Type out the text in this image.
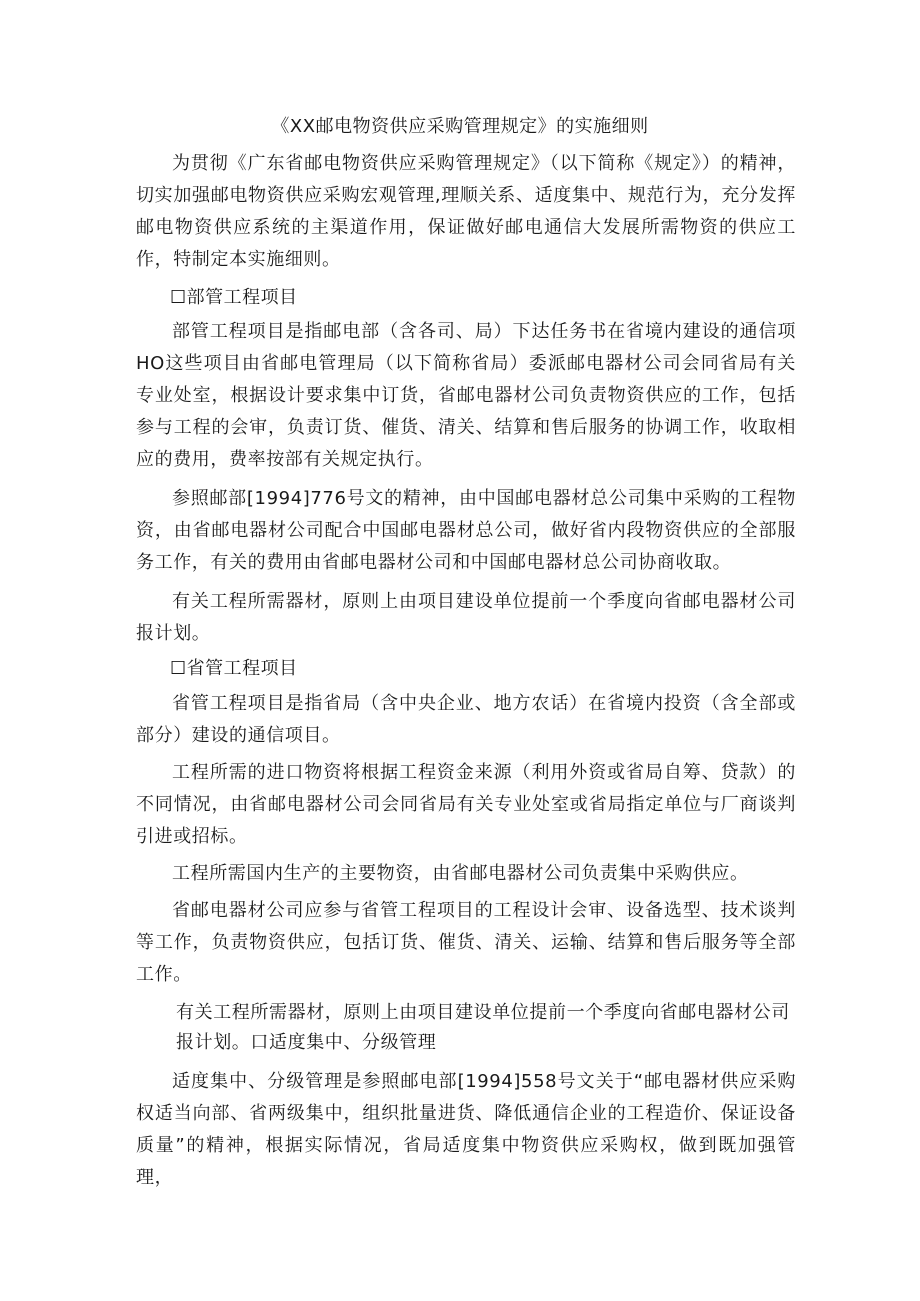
《XX邮电物资供应采购管理规定》的实施细则
为贯彻《广东省邮电物资供应采购管理规定》（以下简称《规定》）的精神，切实加强邮电物资供应采购宏观管理,理顺关系、适度集中、规范行为，充分发挥邮电物资供应系统的主渠道作用，保证做好邮电通信大发展所需物资的供应工作，特制定本实施细则。
☐部管工程项目
部管工程项目是指邮电部（含各司、局）下达任务书在省境内建设的通信项HO这些项目由省邮电管理局（以下简称省局）委派邮电器材公司会同省局有关专业处室，根据设计要求集中订货，省邮电器材公司负责物资供应的工作，包括参与工程的会审，负责订货、催货、清关、结算和售后服务的协调工作，收取相应的费用，费率按部有关规定执行。
参照邮部[1994]776号文的精神，由中国邮电器材总公司集中采购的工程物资，由省邮电器材公司配合中国邮电器材总公司，做好省内段物资供应的全部服务工作，有关的费用由省邮电器材公司和中国邮电器材总公司协商收取。
有关工程所需器材，原则上由项目建设单位提前一个季度向省邮电器材公司报计划。
☐省管工程项目
省管工程项目是指省局（含中央企业、地方农话）在省境内投资（含全部或部分）建设的通信项目。
工程所需的进口物资将根据工程资金来源（利用外资或省局自筹、贷款）的不同情况，由省邮电器材公司会同省局有关专业处室或省局指定单位与厂商谈判引进或招标。
工程所需国内生产的主要物资，由省邮电器材公司负责集中采购供应。
省邮电器材公司应参与省管工程项目的工程设计会审、设备选型、技术谈判等工作，负责物资供应，包括订货、催货、清关、运输、结算和售后服务等全部工作。
有关工程所需器材，原则上由项目建设单位提前一个季度向省邮电器材公司报计划。口适度集中、分级管理
适度集中、分级管理是参照邮电部[1994]558号文关于“邮电器材供应采购权适当向部、省两级集中，组织批量进货、降低通信企业的工程造价、保证设备质量”的精神，根据实际情况，省局适度集中物资供应采购权，做到既加强管理，
